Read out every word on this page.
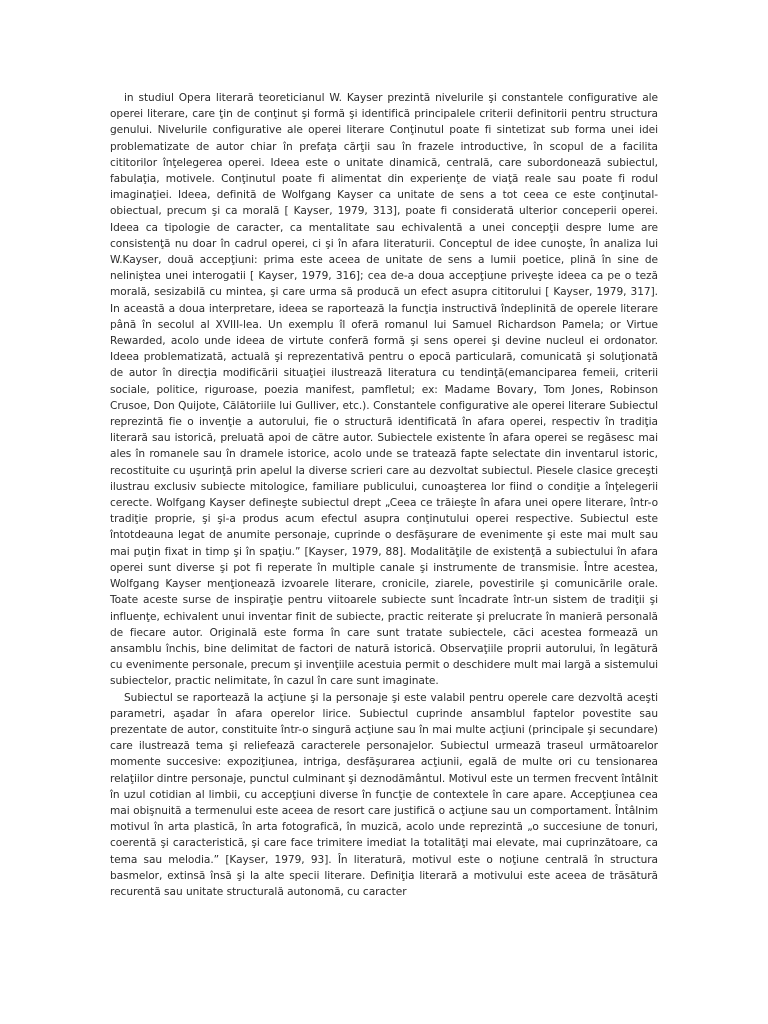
in studiul Opera literară teoreticianul W. Kayser prezintă nivelurile şi constantele configurative ale operei literare, care ţin de conţinut şi formă şi identifică principalele criterii definitorii pentru structura genului. Nivelurile configurative ale operei literare Conţinutul poate fi sintetizat sub forma unei idei problematizate de autor chiar în prefaţa cărţii sau în frazele introductive, în scopul de a facilita cititorilor înţelegerea operei. Ideea este o unitate dinamică, centrală, care subordonează subiectul, fabulaţia, motivele. Conţinutul poate fi alimentat din experienţe de viaţă reale sau poate fi rodul imaginaţiei. Ideea, definită de Wolfgang Kayser ca unitate de sens a tot ceea ce este conţinutal- obiectual, precum şi ca morală [ Kayser, 1979, 313], poate fi considerată ulterior conceperii operei. Ideea ca tipologie de caracter, ca mentalitate sau echivalentă a unei concepţii despre lume are consistenţă nu doar în cadrul operei, ci şi în afara literaturii. Conceptul de idee cunoşte, în analiza lui W.Kayser, două accepţiuni: prima este aceea de unitate de sens a lumii poetice, plină în sine de neliniştea unei interogatii [ Kayser, 1979, 316]; cea de-a doua accepţiune priveşte ideea ca pe o teză morală, sesizabilă cu mintea, şi care urma să producă un efect asupra cititorului [ Kayser, 1979, 317]. In această a doua interpretare, ideea se raportează la funcţia instructivă îndeplinită de operele literare până în secolul al XVIII-lea. Un exemplu îl oferă romanul lui Samuel Richardson Pamela; or Virtue Rewarded, acolo unde ideea de virtute conferă formă şi sens operei şi devine nucleul ei ordonator. Ideea problematizată, actuală şi reprezentativă pentru o epocă particulară, comunicată şi soluţionată de autor în direcţia modificării situaţiei ilustrează literatura cu tendinţă(emanciparea femeii, criterii sociale, politice, riguroase, poezia manifest, pamfletul; ex: Madame Bovary, Tom Jones, Robinson Crusoe, Don Quijote, Călătoriile lui Gulliver, etc.). Constantele configurative ale operei literare Subiectul reprezintă fie o invenţie a autorului, fie o structură identificată în afara operei, respectiv în tradiţia literară sau istorică, preluată apoi de către autor. Subiectele existente în afara operei se regăsesc mai ales în romanele sau în dramele istorice, acolo unde se tratează fapte selectate din inventarul istoric, recostituite cu uşurinţă prin apelul la diverse scrieri care au dezvoltat subiectul. Piesele clasice greceşti ilustrau exclusiv subiecte mitologice, familiare publicului, cunoaşterea lor fiind o condiţie a înţelegerii cerecte. Wolfgang Kayser defineşte subiectul drept „Ceea ce trăieşte în afara unei opere literare, într-o tradiţie proprie, şi şi-a produs acum efectul asupra conţinutului operei respective. Subiectul este întotdeauna legat de anumite personaje, cuprinde o desfăşurare de evenimente şi este mai mult sau mai puţin fixat in timp şi în spaţiu.” [Kayser, 1979, 88]. Modalităţile de existenţă a subiectului în afara operei sunt diverse şi pot fi reperate în multiple canale şi instrumente de transmisie. Între acestea, Wolfgang Kayser menţionează izvoarele literare, cronicile, ziarele, povestirile şi comunicările orale. Toate aceste surse de inspiraţie pentru viitoarele subiecte sunt încadrate într-un sistem de tradiţii şi influenţe, echivalent unui inventar finit de subiecte, practic reiterate şi prelucrate în manieră personală de fiecare autor. Originală este forma în care sunt tratate subiectele, căci acestea formează un ansamblu închis, bine delimitat de factori de natură istorică. Observaţiile proprii autorului, în legătură cu evenimente personale, precum şi invenţiile acestuia permit o deschidere mult mai largă a sistemului subiectelor, practic nelimitate, în cazul în care sunt imaginate.

Subiectul se raportează la acţiune şi la personaje şi este valabil pentru operele care dezvoltă aceşti parametri, aşadar în afara operelor lirice. Subiectul cuprinde ansamblul faptelor povestite sau prezentate de autor, constituite într-o singură acţiune sau în mai multe acţiuni (principale şi secundare) care ilustrează tema şi reliefează caracterele personajelor. Subiectul urmează traseul următoarelor momente succesive: expoziţiunea, intriga, desfăşurarea acţiunii, egală de multe ori cu tensionarea relaţiilor dintre personaje, punctul culminant şi deznodământul. Motivul este un termen frecvent întâlnit în uzul cotidian al limbii, cu accepţiuni diverse în funcţie de contextele în care apare. Accepţiunea cea mai obişnuită a termenului este aceea de resort care justifică o acţiune sau un comportament. Întâlnim motivul în arta plastică, în arta fotografică, în muzică, acolo unde reprezintă „o succesiune de tonuri, coerentă şi caracteristică, şi care face trimitere imediat la totalităţi mai elevate, mai cuprinzătoare, ca tema sau melodia.” [Kayser, 1979, 93]. În literatură, motivul este o noţiune centrală în structura basmelor, extinsă însă şi la alte specii literare. Definiţia literară a motivului este aceea de trăsătură recurentă sau unitate structurală autonomă, cu caracter
